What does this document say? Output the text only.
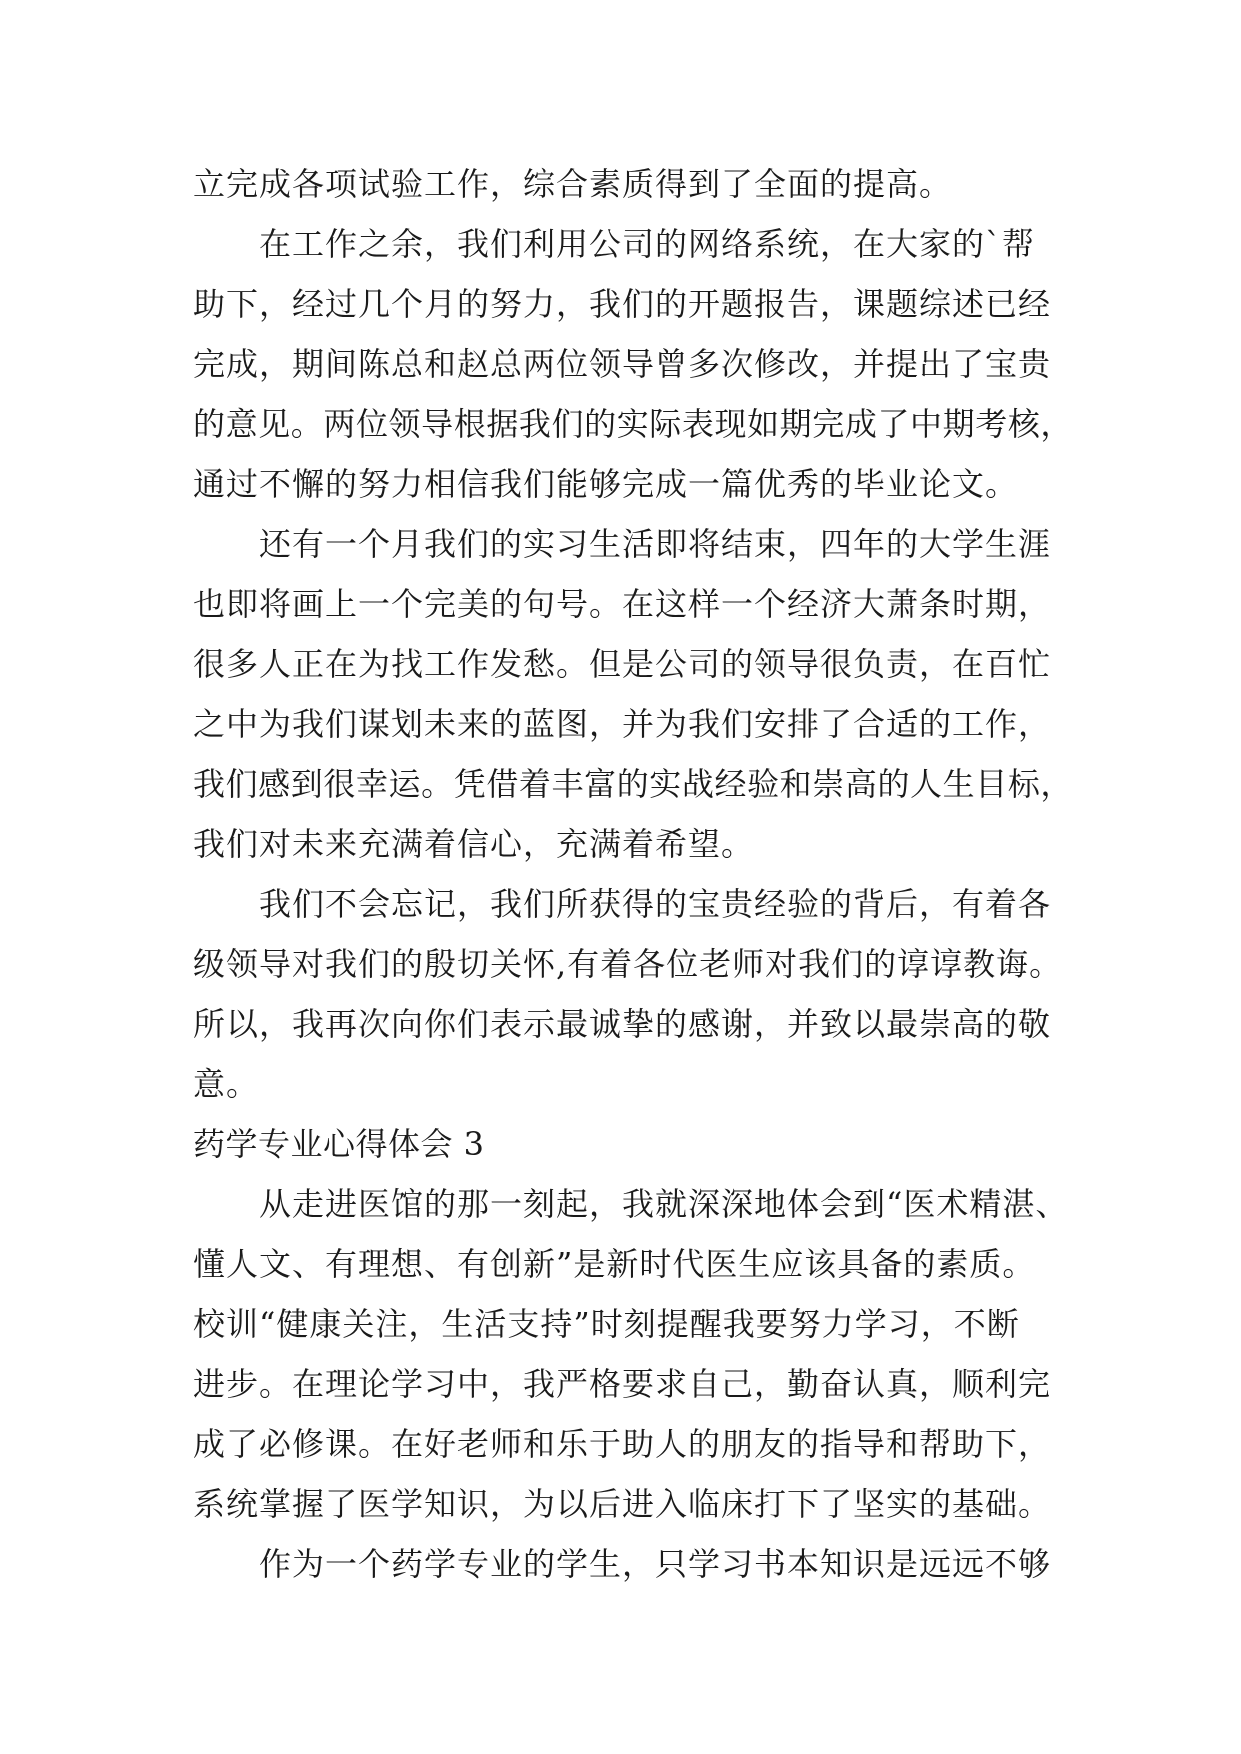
立完成各项试验工作，综合素质得到了全面的提高。
在工作之余，我们利用公司的网络系统，在大家的`帮
助下，经过几个月的努力，我们的开题报告，课题综述已经
完成，期间陈总和赵总两位领导曾多次修改，并提出了宝贵
的意见。两位领导根据我们的实际表现如期完成了中期考核，
通过不懈的努力相信我们能够完成一篇优秀的毕业论文。
还有一个月我们的实习生活即将结束，四年的大学生涯
也即将画上一个完美的句号。在这样一个经济大萧条时期，
很多人正在为找工作发愁。但是公司的领导很负责，在百忙
之中为我们谋划未来的蓝图，并为我们安排了合适的工作，
我们感到很幸运。凭借着丰富的实战经验和崇高的人生目标，
我们对未来充满着信心，充满着希望。
我们不会忘记，我们所获得的宝贵经验的背后，有着各
级领导对我们的殷切关怀,有着各位老师对我们的谆谆教诲。
所以，我再次向你们表示最诚挚的感谢，并致以最崇高的敬
意。
药学专业心得体会 3
从走进医馆的那一刻起，我就深深地体会到“医术精湛、
懂人文、有理想、有创新”是新时代医生应该具备的素质。
校训“健康关注，生活支持”时刻提醒我要努力学习，不断
进步。在理论学习中，我严格要求自己，勤奋认真，顺利完
成了必修课。在好老师和乐于助人的朋友的指导和帮助下，
系统掌握了医学知识，为以后进入临床打下了坚实的基础。
作为一个药学专业的学生，只学习书本知识是远远不够
